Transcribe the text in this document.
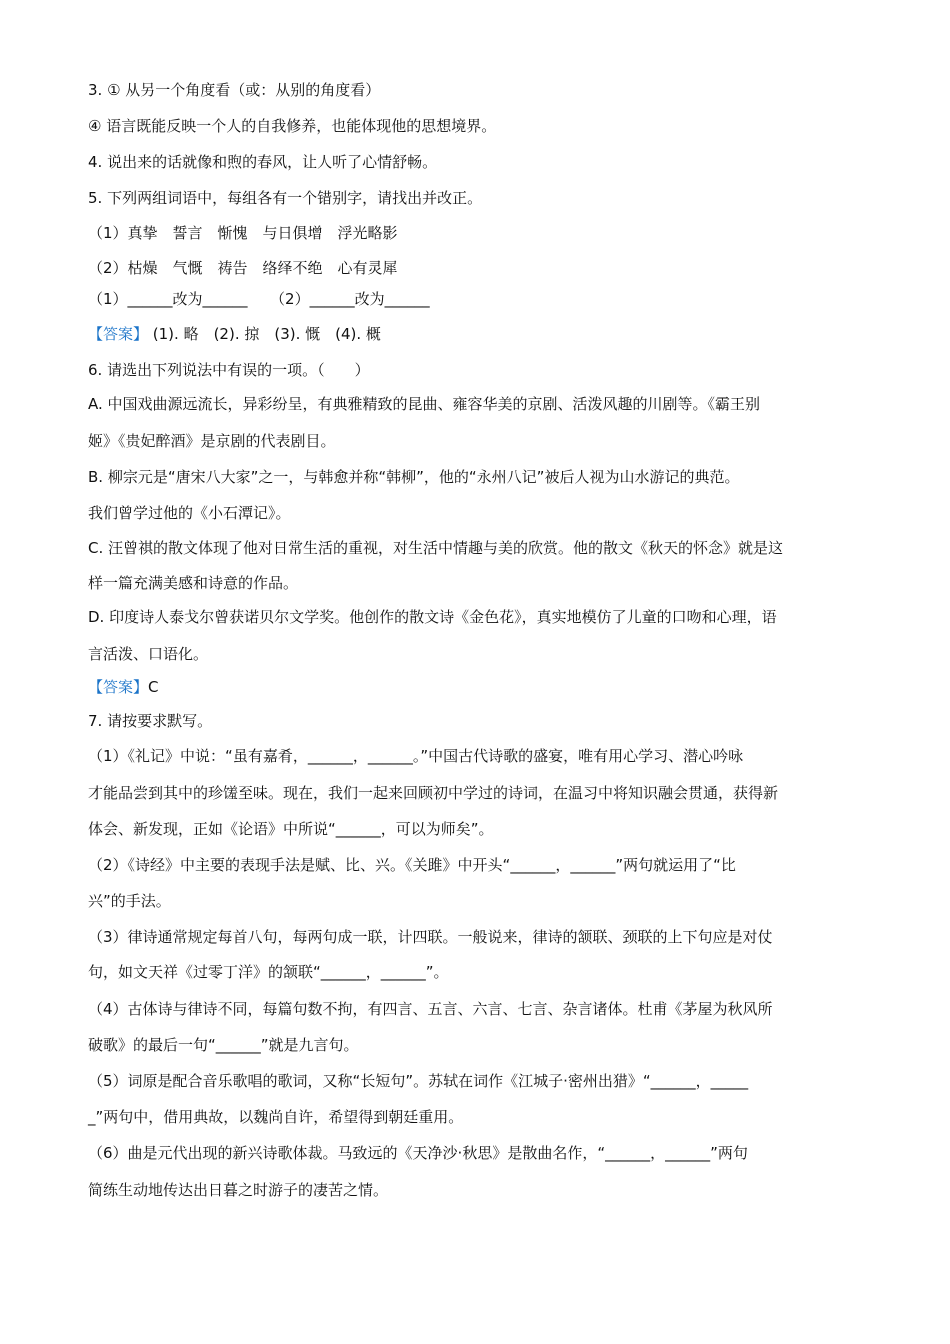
3. ① 从另一个角度看（或：从别的角度看）
④ 语言既能反映一个人的自我修养，也能体现他的思想境界。
4. 说出来的话就像和煦的春风，让人听了心情舒畅。
5. 下列两组词语中，每组各有一个错别字，请找出并改正。
（1）真挚　誓言　惭愧　与日俱增　浮光略影
（2）枯燥　气慨　祷告　络绎不绝　心有灵犀
（1）______改为______　　（2）______改为______
【答案】 (1). 略　(2). 掠　(3). 慨　(4). 概
6. 请选出下列说法中有误的一项。（　　）
A. 中国戏曲源远流长，异彩纷呈，有典雅精致的昆曲、雍容华美的京剧、活泼风趣的川剧等。《霸王别
姬》《贵妃醉酒》是京剧的代表剧目。
B. 柳宗元是“唐宋八大家”之一，与韩愈并称“韩柳”，他的“永州八记”被后人视为山水游记的典范。
我们曾学过他的《小石潭记》。
C. 汪曾祺的散文体现了他对日常生活的重视，对生活中情趣与美的欣赏。他的散文《秋天的怀念》就是这
样一篇充满美感和诗意的作品。
D. 印度诗人泰戈尔曾获诺贝尔文学奖。他创作的散文诗《金色花》，真实地模仿了儿童的口吻和心理，语
言活泼、口语化。
【答案】C
7. 请按要求默写。
（1）《礼记》中说：“虽有嘉肴，______，______。”中国古代诗歌的盛宴，唯有用心学习、潜心吟咏
才能品尝到其中的珍馐至味。现在，我们一起来回顾初中学过的诗词，在温习中将知识融会贯通，获得新
体会、新发现，正如《论语》中所说“______，可以为师矣”。
（2）《诗经》中主要的表现手法是赋、比、兴。《关雎》中开头“______，______”两句就运用了“比
兴”的手法。
（3）律诗通常规定每首八句，每两句成一联，计四联。一般说来，律诗的颔联、颈联的上下句应是对仗
句，如文天祥《过零丁洋》的颔联“______，______”。
（4）古体诗与律诗不同，每篇句数不拘，有四言、五言、六言、七言、杂言诸体。杜甫《茅屋为秋风所
破歌》的最后一句“______”就是九言句。
（5）词原是配合音乐歌唱的歌词，又称“长短句”。苏轼在词作《江城子·密州出猎》“______，_____
_”两句中，借用典故，以魏尚自许，希望得到朝廷重用。
（6）曲是元代出现的新兴诗歌体裁。马致远的《天净沙·秋思》是散曲名作，“______，______”两句
简练生动地传达出日暮之时游子的凄苦之情。
